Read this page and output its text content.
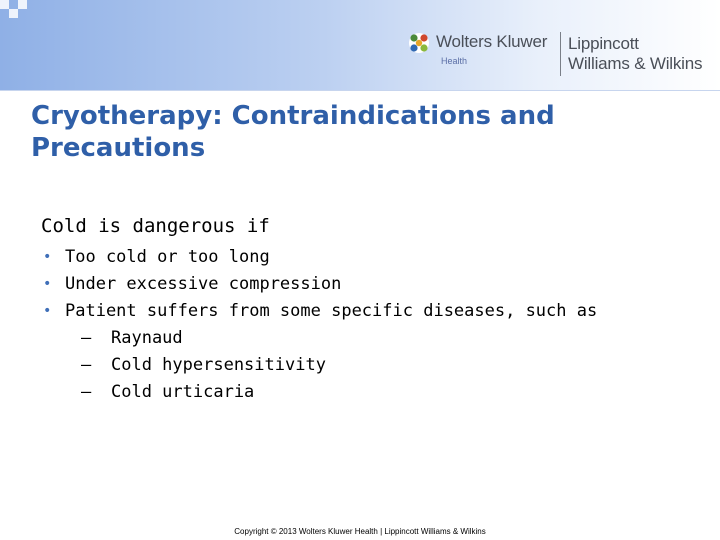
Wolters Kluwer
Health
Lippincott
Williams & Wilkins
Cryotherapy: Contraindications and Precautions

Cold is dangerous if

• Too cold or too long
• Under excessive compression
• Patient suffers from some specific diseases, such as
– Raynaud
– Cold hypersensitivity
– Cold urticaria
Copyright © 2013 Wolters Kluwer Health | Lippincott Williams & Wilkins
